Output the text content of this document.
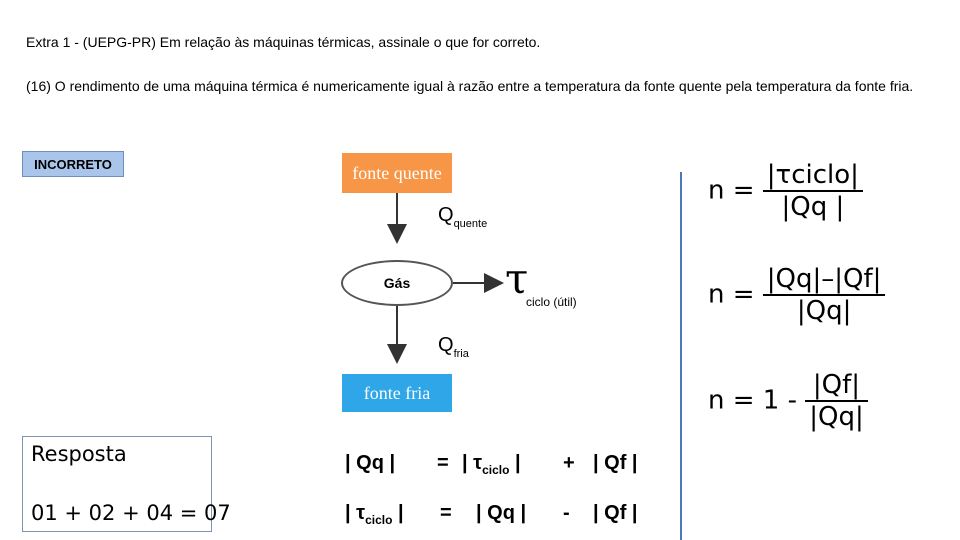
Extra 1 - (UEPG-PR) Em relação às máquinas térmicas, assinale o que for correto.
(16) O rendimento de uma máquina térmica é numericamente igual à razão entre a temperatura da fonte quente pela temperatura da fonte fria.
INCORRETO	fonte quente
Gás
fonte fria
$Q_{quente}$
$Q_{fria}$
τ
ciclo (útil)
Resposta
01 + 02 + 04 = 07
| Qq | = | $\tau_{ciclo}$ | + | Qf |
| $\tau_{ciclo}$ | = | Qq | - | Qf |
$n = \frac{\text{|τciclo|}}{|Qq |}$
$n = \frac{|Qq|-|Qf|}{|Qq|}$
$n = 1 - \frac{|Qf|}{|Qq|}$
